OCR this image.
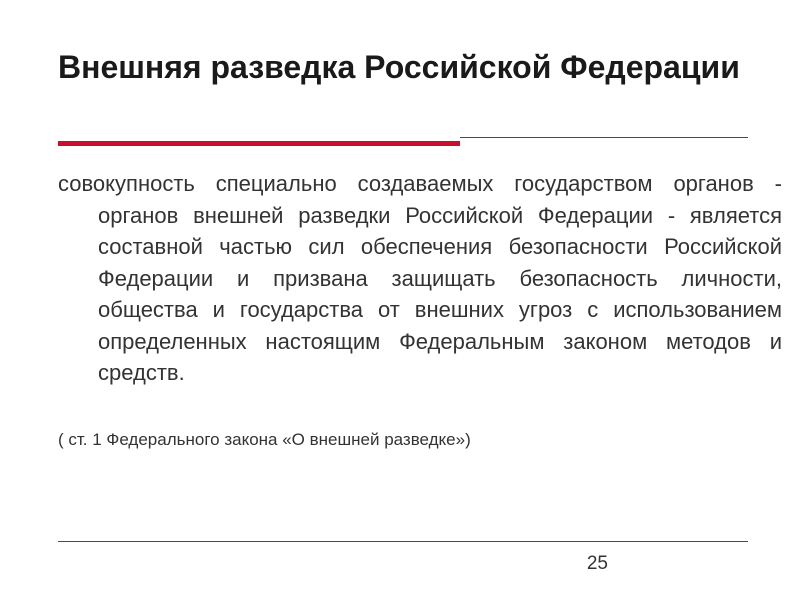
Внешняя разведка Российской Федерации

совокупность специально создаваемых государством органов - органов внешней разведки Российской Федерации - является составной частью сил обеспечения безопасности Российской Федерации и призвана защищать безопасность личности, общества и государства от внешних угроз с использованием определенных настоящим Федеральным законом методов и средств.

( ст. 1 Федерального закона «О внешней разведке»)

25
